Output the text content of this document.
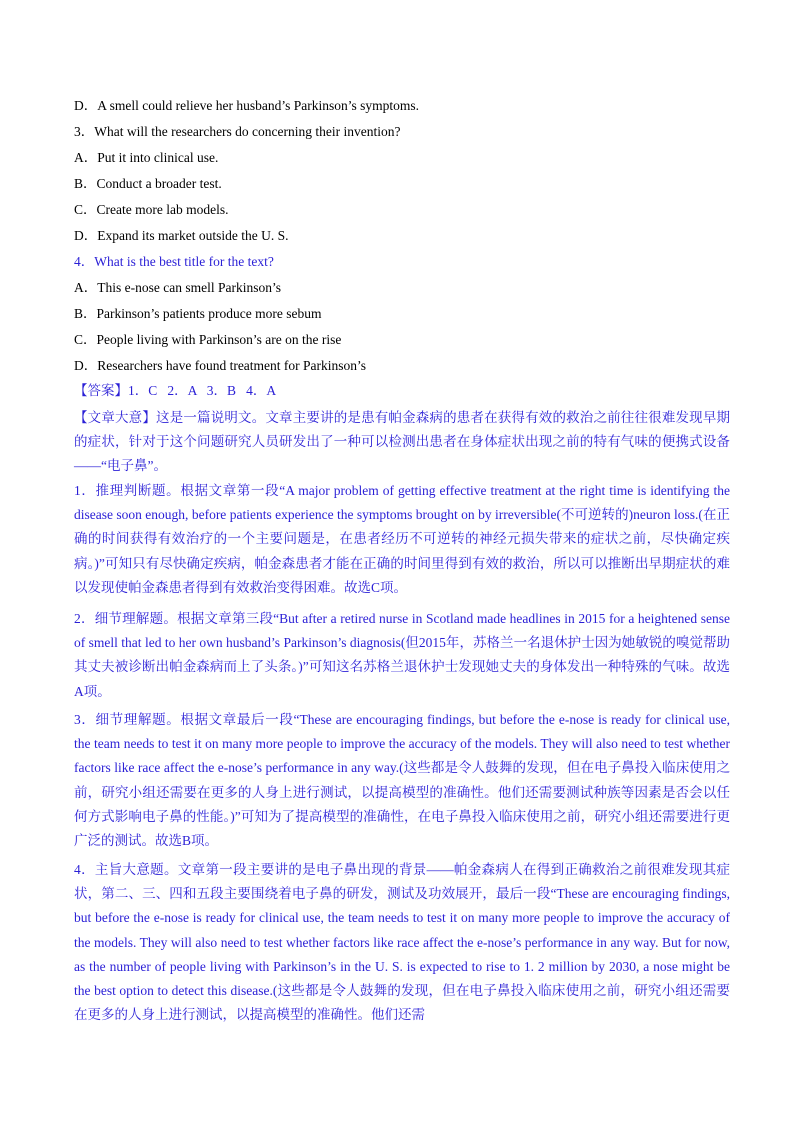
D．A smell could relieve her husband’s Parkinson’s symptoms.
3．What will the researchers do concerning their invention?
A．Put it into clinical use.
B．Conduct a broader test.
C．Create more lab models.
D．Expand its market outside the U. S.
4．What is the best title for the text?
A．This e-nose can smell Parkinson’s
B．Parkinson’s patients produce more sebum
C．People living with Parkinson’s are on the rise
D．Researchers have found treatment for Parkinson’s
【答案】1．C   2．A   3．B   4．A
【文章大意】这是一篇说明文。文章主要讲的是患有帕金森病的患者在获得有效的救治之前往往很难发现早期的症状，针对于这个问题研究人员研发出了一种可以检测出患者在身体症状出现之前的特有气味的便携式设备——“电子鼻”。
1．推理判断题。根据文章第一段“A major problem of getting effective treatment at the right time is identifying the disease soon enough, before patients experience the symptoms brought on by irreversible(不可逆转的)neuron loss.(在正确的时间获得有效治疗的一个主要问题是，在患者经历不可逆转的神经元损失带来的症状之前，尽快确定疾病。)”可知只有尽快确定疾病，帕金森患者才能在正确的时间里得到有效的救治，所以可以推断出早期症状的难以发现使帕金森患者得到有效救治变得困难。故选C项。
2．细节理解题。根据文章第三段“But after a retired nurse in Scotland made headlines in 2015 for a heightened sense of smell that led to her own husband’s Parkinson’s diagnosis(但2015年，苏格兰一名退休护士因为她敏锐的嗅觉帮助其丈夫被诊断出帕金森病而上了头条。)”可知这名苏格兰退休护士发现她丈夫的身体发出一种特殊的气味。故选A项。
3．细节理解题。根据文章最后一段“These are encouraging findings, but before the e-nose is ready for clinical use, the team needs to test it on many more people to improve the accuracy of the models. They will also need to test whether factors like race affect the e-nose’s performance in any way.(这些都是令人鼓舞的发现，但在电子鼻投入临床使用之前，研究小组还需要在更多的人身上进行测试，以提高模型的准确性。他们还需要测试种族等因素是否会以任何方式影响电子鼻的性能。)”可知为了提高模型的准确性，在电子鼻投入临床使用之前，研究小组还需要进行更广泛的测试。故选B项。
4．主旨大意题。文章第一段主要讲的是电子鼻出现的背景——帕金森病人在得到正确救治之前很难发现其症状，第二、三、四和五段主要围绕着电子鼻的研发，测试及功效展开，最后一段“These are encouraging findings, but before the e-nose is ready for clinical use, the team needs to test it on many more people to improve the accuracy of the models. They will also need to test whether factors like race affect the e-nose’s performance in any way. But for now, as the number of people living with Parkinson’s in the U. S. is expected to rise to 1. 2 million by 2030, a nose might be the best option to detect this disease.(这些都是令人鼓舞的发现，但在电子鼻投入临床使用之前，研究小组还需要在更多的人身上进行测试，以提高模型的准确性。他们还需
